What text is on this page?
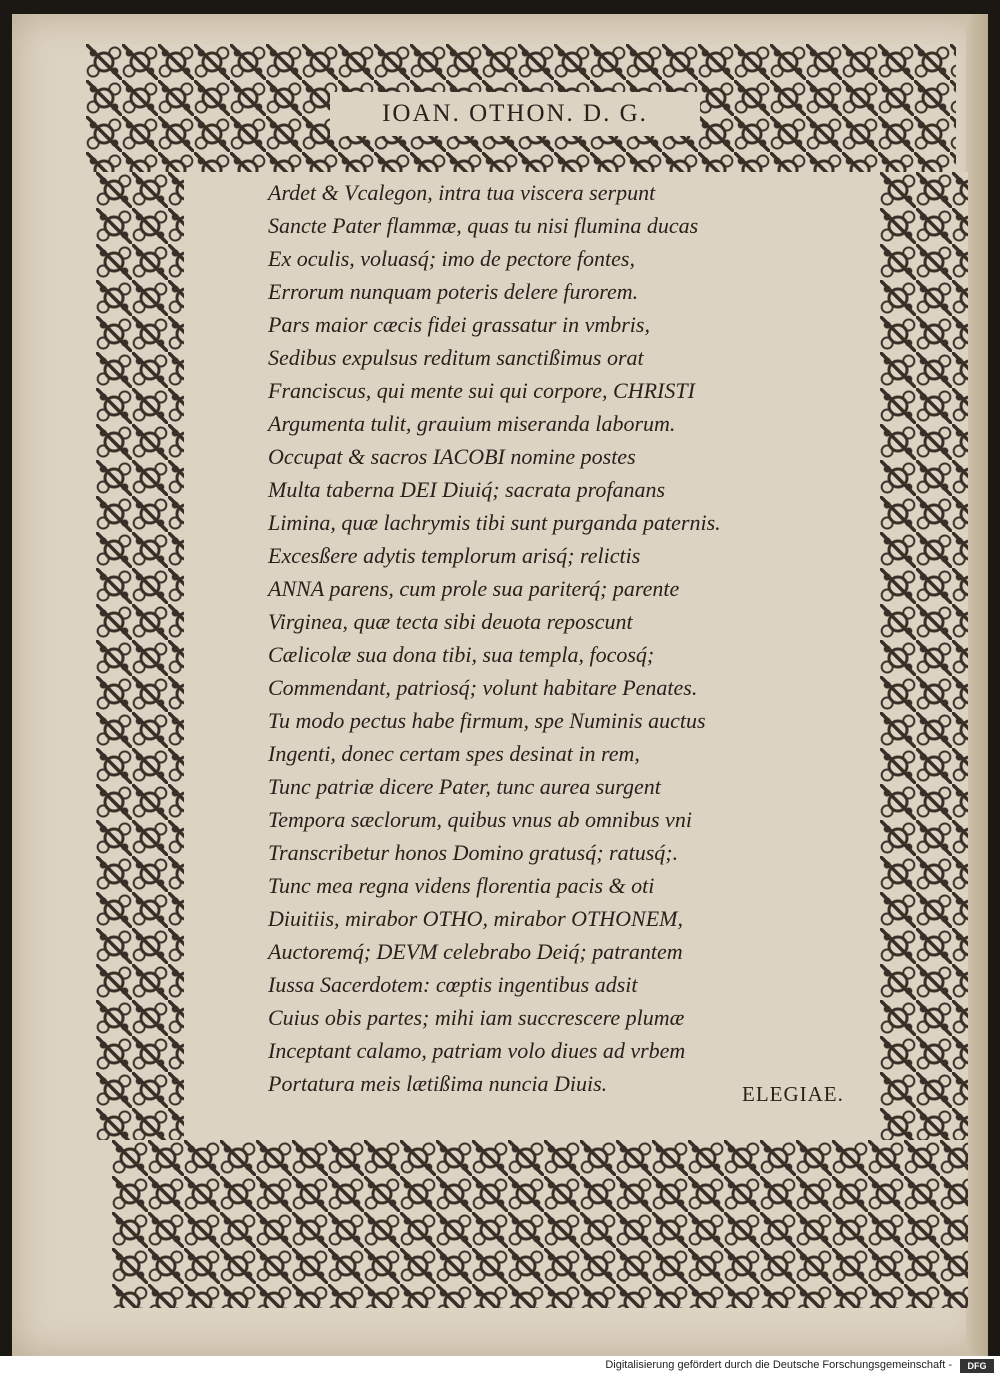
IOAN. OTHON. D. G.
Ardet & Vcalegon, intra tua viscera serpunt
Sancte Pater flammæ, quas tu nisi flumina ducas
Ex oculis, voluasq́; imo de pectore fontes,
Errorum nunquam poteris delere furorem.
Pars maior cæcis fidei grassatur in vmbris,
Sedibus expulsus reditum sanctißimus orat
Franciscus, qui mente sui qui corpore, CHRISTI
Argumenta tulit, grauium miseranda laborum.
Occupat & sacros IACOBI nomine postes
Multa taberna DEI Diuiq́; sacrata profanans
Limina, quæ lachrymis tibi sunt purganda paternis.
Excesßere adytis templorum arisq́; relictis
ANNA parens, cum prole sua pariterq́; parente
Virginea, quæ tecta sibi deuota reposcunt
Cælicolæ sua dona tibi, sua templa, focosq́;
Commendant, patriosq́; volunt habitare Penates.
Tu modo pectus habe firmum, spe Numinis auctus
Ingenti, donec certam spes desinat in rem,
Tunc patriæ dicere Pater, tunc aurea surgent
Tempora sæclorum, quibus vnus ab omnibus vni
Transcribetur honos Domino gratusq́; ratusq́;.
Tunc mea regna videns florentia pacis & oti
Diuitiis, mirabor OTHO, mirabor OTHONEM,
Auctoremq́; DEVM celebrabo Deiq́; patrantem
Iussa Sacerdotem: cœptis ingentibus adsit
Cuius obis partes; mihi iam succrescere plumæ
Inceptant calamo, patriam volo diues ad vrbem
Portatura meis lætißima nuncia Diuis.	ELEGIAE.
Digitalisierung gefördert durch die Deutsche Forschungsgemeinschaft -	DFG
